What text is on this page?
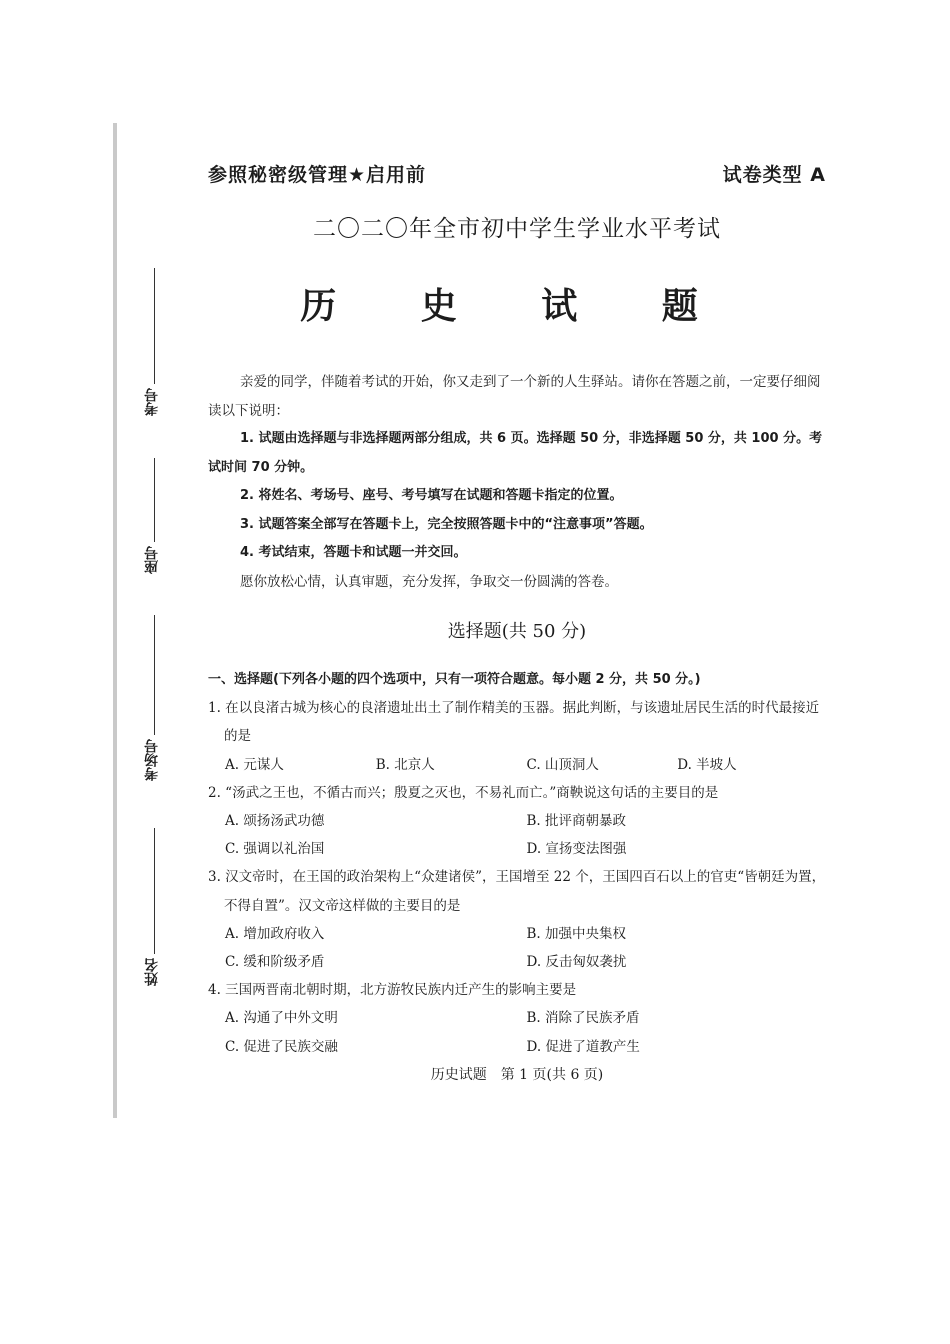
考号
座号
考场号
姓名
参照秘密级管理★启用前	试卷类型 A
二〇二〇年全市初中学生学业水平考试
历 史 试 题

亲爱的同学，伴随着考试的开始，你又走到了一个新的人生驿站。请你在答题之前，一定要仔细阅读以下说明：

1. 试题由选择题与非选择题两部分组成，共 6 页。选择题 50 分，非选择题 50 分，共 100 分。考试时间 70 分钟。

2. 将姓名、考场号、座号、考号填写在试题和答题卡指定的位置。

3. 试题答案全部写在答题卡上，完全按照答题卡中的“注意事项”答题。

4. 考试结束，答题卡和试题一并交回。

愿你放松心情，认真审题，充分发挥，争取交一份圆满的答卷。

选择题(共 50 分)
一、选择题(下列各小题的四个选项中，只有一项符合题意。每小题 2 分，共 50 分。)
1. 在以良渚古城为核心的良渚遗址出土了制作精美的玉器。据此判断，与该遗址居民生活的时代最接近的是
A. 元谋人	B. 北京人	C. 山顶洞人	D. 半坡人
2. “汤武之王也，不循古而兴；殷夏之灭也，不易礼而亡。”商鞅说这句话的主要目的是
A. 颂扬汤武功德	B. 批评商朝暴政
C. 强调以礼治国	D. 宣扬变法图强
3. 汉文帝时，在王国的政治架构上“众建诸侯”，王国增至 22 个，王国四百石以上的官吏“皆朝廷为置，不得自置”。汉文帝这样做的主要目的是
A. 增加政府收入	B. 加强中央集权
C. 缓和阶级矛盾	D. 反击匈奴袭扰
4. 三国两晋南北朝时期，北方游牧民族内迁产生的影响主要是
A. 沟通了中外文明	B. 消除了民族矛盾
C. 促进了民族交融	D. 促进了道教产生
历史试题　第 1 页(共 6 页)
